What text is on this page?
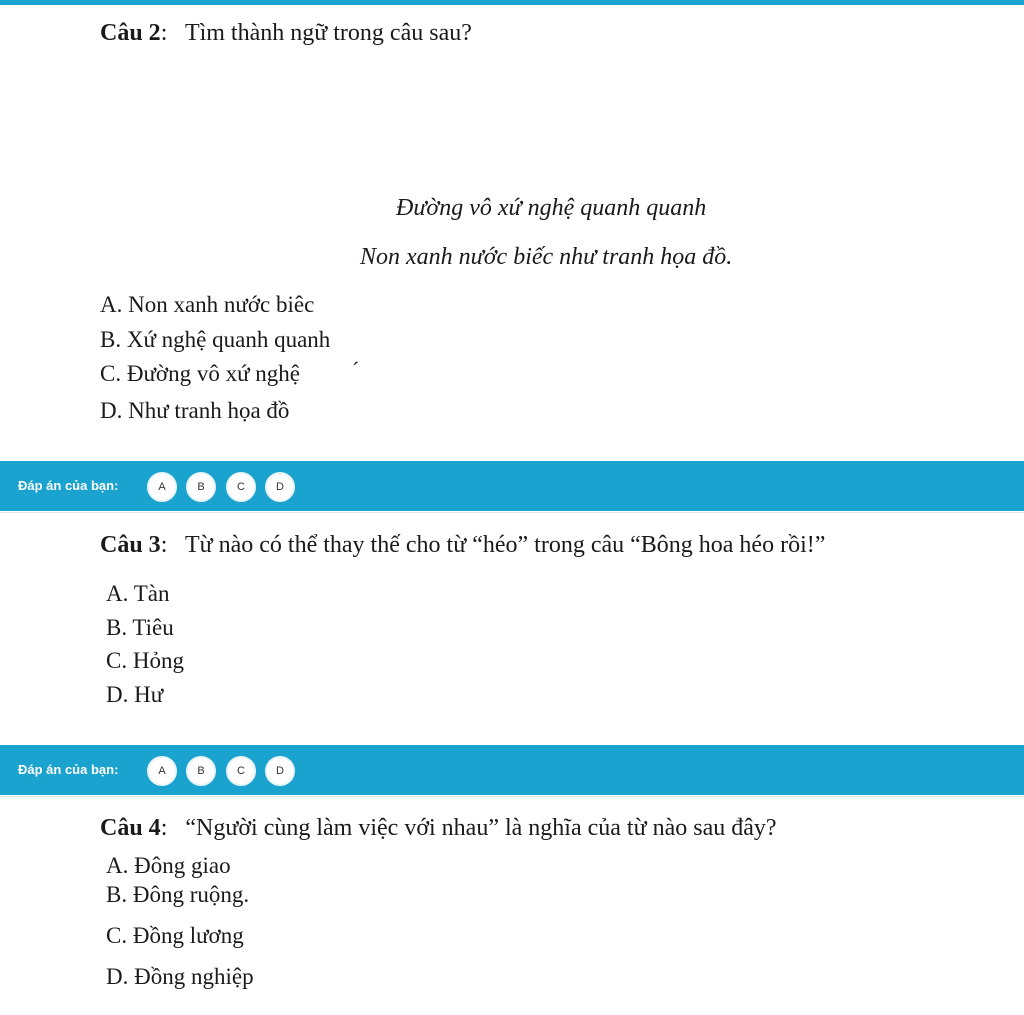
Câu 2: Tìm thành ngữ trong câu sau?
Đường vô xứ nghệ quanh quanh
Non xanh nước biếc như tranh họa đồ.
A. Non xanh nước biêc
B. Xứ nghệ quanh quanh
C. Đường vô xứ nghệ ´
D. Như tranh họa đồ
Đáp án của bạn:	A	B	C	D
Câu 3: Từ nào có thể thay thế cho từ “héo” trong câu “Bông hoa héo rồi!”
A. Tàn
B. Tiêu
C. Hỏng
D. Hư
Đáp án của bạn:	A	B	C	D
Câu 4: “Người cùng làm việc với nhau” là nghĩa của từ nào sau đây?
A. Đông giao
B. Đông ruộng.
C. Đồng lương
D. Đồng nghiệp
